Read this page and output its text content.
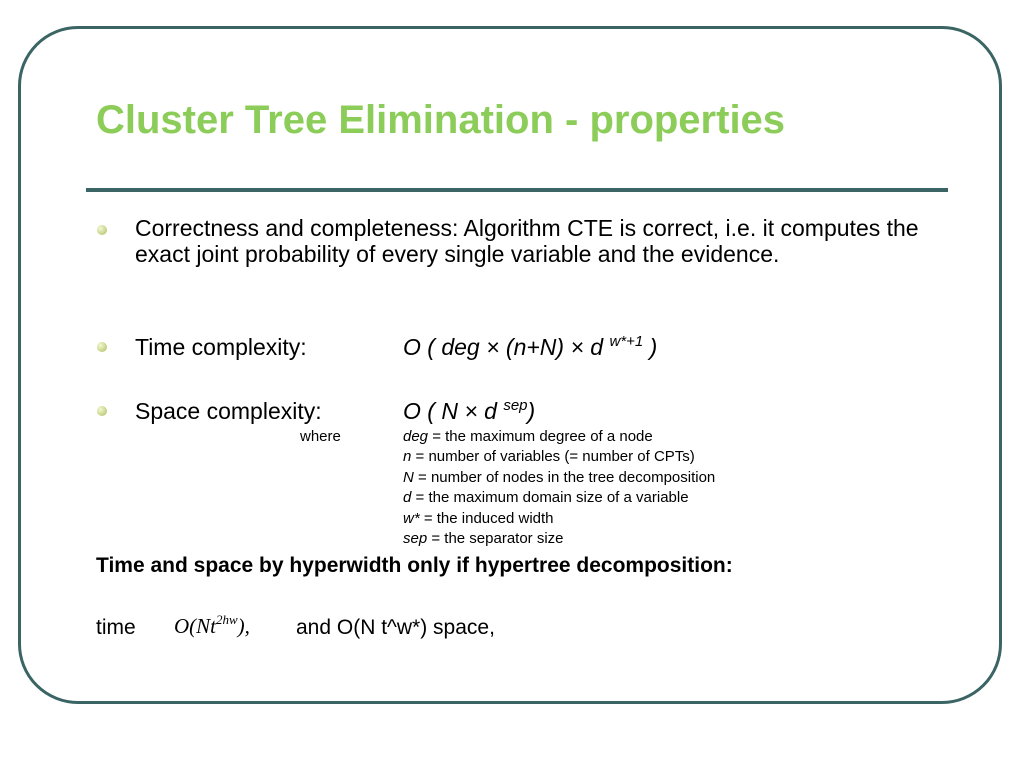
Cluster Tree Elimination - properties
Correctness and completeness: Algorithm CTE is correct, i.e. it computes the exact joint probability of every single variable and the evidence.
Time complexity:	O ( deg × (n+N) × d $^{w*+1}$ )
Space complexity:	O ( N × d $^{sep}$)
where	deg = the maximum degree of a node
n = number of variables (= number of CPTs)
N = number of nodes in the tree decomposition
d = the maximum domain size of a variable
w* = the induced width
sep = the separator size
Time and space by hyperwidth only if hypertree decomposition:
time $O(Nt^{2hw})$, and O(N t^w*) space,
